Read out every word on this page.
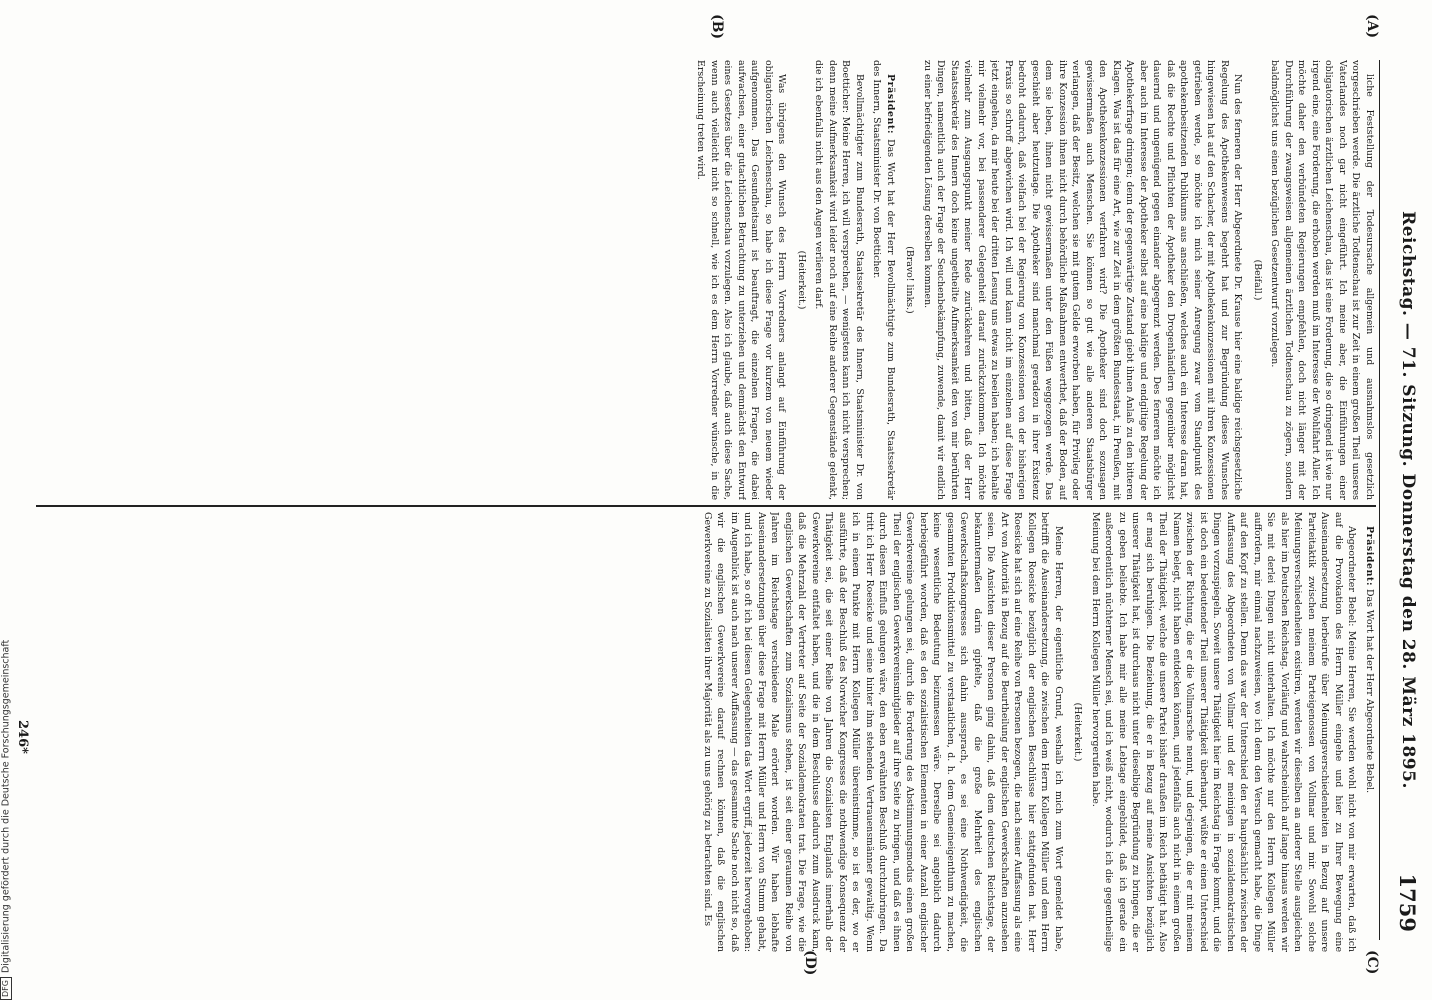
Reichstag. — 71. Sitzung. Donnerstag den 28. März 1895.
1759
(A)
(B)
(C)
(D)

liche Feststellung der Todesursache allgemein und ausnahmslos gesetzlich vorgeschrieben werde. Die ärztliche Todtenschau ist zur Zeit in einem großen Theil unseres Vaterlandes noch gar nicht eingeführt. Ich meine aber, die Einführungen einer obligatorischen ärztlichen Leichenschau, das ist eine Forderung, die so dringend ist wie nur irgend eine, eine Forderung, die erhoben werden muß im Interesse der Wohlfahrt Aller. Ich möchte daher den verbündeten Regierungen empfehlen, doch nicht länger mit der Durchführung der zwangsweisen allgemeinen ärztlichen Todtenschau zu zögern, sondern baldmöglichst uns einen bezüglichen Gesetzentwurf vorzulegen.

(Beifall.)

Nun des ferneren der Herr Abgeordnete Dr. Krause hier eine baldige reichsgesetzliche Regelung des Apothekenwesens begehrt hat und zur Begründung dieses Wunsches hingewiesen hat auf den Schacher, der mit Apothekenkonzessionen mit ihren Konzessionen getrieben werde, so möchte ich mich seiner Anregung zwar vom Standpunkt des apothekenbesitzenden Publikums aus anschließen, welches auch ein Interesse daran hat, daß die Rechte und Pflichten der Apotheker den Drogenhändlern gegenüber möglichst dauernd und ungenügend gegen einander abgegrenzt werden. Des ferneren möchte ich aber auch im Interesse der Apotheker selbst auf eine baldige und endgiltige Regelung der Apothekerfrage dringen; denn der gegenwärtige Zustand giebt ihnen Anlaß zu den bitteren Klagen. Was ist das für eine Art, wie zur Zeit in dem größten Bundesstaat, in Preußen, mit den Apothekenkonzessionen verfahren wird? Die Apotheker sind doch sozusagen gewissermaßen auch Menschen. Sie können so gut wie alle anderen Staatsbürger verlangen, daß der Besitz, welchen sie mit gutem Gelde erworben haben, für Privileg oder ihre Konzession ihnen nicht durch behördliche Maßnahmen entwerthet, daß der Boden, auf dem sie leben, ihnen nicht gewissermaßen unter den Füßen weggezogen werde. Das geschieht aber heutzutage. Die Apotheker sind manchmal geradezu in ihrer Existenz bedroht dadurch, daß vielfach bei der Regierung von Konzessionen von der bisherigen Praxis so schroff abgewichen wird. Ich will und kann nicht im einzelnen auf diese Frage jetzt eingehen, da mir heute bei der dritten Lesung uns etwas zu beeilen haben; ich behalte mir vielmehr vor, bei passenderer Gelegenheit darauf zurückzukommen. Ich möchte vielmehr zum Ausgangspunkt meiner Rede zurückkehren und bitten, daß der Herr Staatssekretär des Innern doch keine ungetheilte Aufmerksamkeit den von mir berührten Dingen, namentlich auch der Frage der Seuchenbekämpfung, zuwende, damit wir endlich zu einer befriedigenden Lösung derselben kommen.

(Bravo! links.)

Präsident: Das Wort hat der Herr Bevollmächtigte zum Bundesrath, Staatssekretär des Innern, Staatsminister Dr. von Boetticher.

Bevollmächtigter zum Bundesrath, Staatssekretär des Innern, Staatsminister Dr. von Boetticher: Meine Herren, ich will versprechen, — wenigstens kann ich nicht versprechen; denn meine Aufmerksamkeit wird leider noch auf eine Reihe anderer Gegenstände gelenkt, die ich ebenfalls nicht aus den Augen verlieren darf.

(Heiterkeit.)

Was übrigens den Wunsch des Herrn Vorredners anlangt auf Einführung der obligatorischen Leichenschau, so habe ich diese Frage vor kurzem von neuem wieder aufgenommen. Das Gesundheitsamt ist beauftragt, die einzelnen Fragen, die dabei aufwachsen, einer gutachtlichen Betrachtung zu unterziehen und demnächst den Entwurf eines Gesetzes über die Leichenschau vorzulegen. Also ich glaube, daß auch diese Sache, wenn auch vielleicht nicht so schnell, wie ich es dem Herrn Vorredner wünsche, in die Erscheinung treten wird.

Präsident: Das Wort hat der Herr Abgeordnete Bebel.

Abgeordneter Bebel: Meine Herren, Sie werden wohl nicht von mir erwarten, daß ich auf die Provokation des Herrn Müller eingehe und hier zu Ihrer Bewegung eine Auseinandersetzung herbeirufe über Meinungsverschiedenheiten in Bezug auf unsere Parteitaktik zwischen meinem Parteigenossen von Vollmar und mir. Sowohl solche Meinungsverschiedenheiten existiren, werden wir dieselben an anderer Stelle ausgleichen als hier im Deutschen Reichstag. Vorläufig und wahrscheinlich auf lange hinaus werden wir Sie mit derlei Dingen nicht unterhalten. Ich möchte nur den Herrn Kollegen Müller auffordern, mir einmal nachzuweisen, wo ich denn den Versuch gemacht habe, die Dinge auf den Kopf zu stellen. Denn das war der Unterschied den er hauptsächlich zwischen der Auffassung des Abgeordneten von Vollmar und der meinigen in sozialdemokratischen Dingen vorzuspiegeln. Soweit unsere Thätigkeit hier im Reichstag in Frage kommt, und die ist doch ein bedeutender Theil unserer Thätigkeit überhaupt, wüßte er einen Unterschied zwischen der Richtung, die er die Vollmarsche nennt, und derjenigen, die er mit meinem Namen belegt, nicht haben entdecken können, und jedenfalls auch nicht in einem großen Theil der Thätigkeit, welche die unsere Partei bisher draußen im Reich bethätigt hat. Also er mag sich beruhigen. Die Beziehung, die er in Bezug auf meine Ansichten bezüglich unserer Thätigkeit hat, ist durchaus nicht unter dieselbige Begründung zu bringen, die er zu geben beliebte. Ich habe mir alle meine Lebtage eingebildet, daß ich gerade ein außerordentlich nüchterner Mensch sei, und ich weiß nicht, wodurch ich die gegentheilige Meinung bei dem Herrn Kollegen Müller hervorgerufen habe.

(Heiterkeit.)

Meine Herren, der eigentliche Grund, weshalb ich mich zum Wort gemeldet habe, betrifft die Auseinandersetzung, die zwischen dem Herrn Kollegen Müller und dem Herrn Kollegen Roesicke bezüglich der englischen Beschlüsse hier stattgefunden hat. Herr Roesicke hat sich auf eine Reihe von Personen bezogen, die nach seiner Auffassung als eine Art von Autorität in Bezug auf die Beurtheilung der englischen Gewerkschaften anzusehen seien. Die Ansichten dieser Personen ging dahin, daß dem deutschen Reichstage, der bekanntermaßen darin gipfelte, daß die große Mehrheit des englischen Gewerkschaftskongresses sich dahin aussprach, es sei eine Nothwendigkeit, die gesammten Produktionsmittel zu verstaatlichen, d. h. dem Gemeineigenthum zu machen, keine wesentliche Bedeutung beizumessen wäre. Derselbe sei angeblich dadurch herbeigeführt worden, daß es den sozialistischen Elementen in einer Anzahl englischer Gewerkvereine gelungen sei, durch die Forderung des Abstimmungsmodus einen großen Theil der englischen Gewerkvereinsmitglieder auf ihre Seite zu bringen, und daß es ihnen durch diesen Einfluß gelungen wäre, den eben erwähnten Beschluß durchzubringen. Da tritt ich Herr Roesicke und seine hinter ihm stehenden Vertrauensmänner gewaltig. Wenn ich in einem Punkte mit Herrn Kollegen Müller übereinstimme, so ist es der, wo er ausführte, daß der Beschluß des Norwicher Kongresses die nothwendige Konsequenz der Thätigkeit sei, die seit einer Reihe von Jahren die Sozialisten Englands innerhalb der Gewerkvereine entfaltet haben, und die in dem Beschlusse dadurch zum Ausdruck kam, daß die Mehrzahl der Vertreter auf Seite der Sozialdemokraten trat. Die Frage, wie die englischen Gewerkschaften zum Sozialismus stehen, ist seit einer geraumen Reihe von Jahren im Reichstage verschiedene Male erörtert worden. Wir haben lebhafte Auseinandersetzungen über diese Frage mit Herrn Müller und Herrn von Stumm gehabt, und ich habe, so oft ich bei diesen Gelegenheiten das Wort ergriff, jederzeit hervorgehoben: im Augenblick ist auch nach unserer Auffassung — das gesammte Sache noch nicht so, daß wir die englischen Gewerkvereine darauf rechnen können, daß die englischen Gewerkvereine zu Sozialisten ihrer Majorität als zu uns gehörig zu betrachten sind. Es

246*
DFGDigitalisierung gefördert durch die Deutsche Forschungsgemeinschaft
